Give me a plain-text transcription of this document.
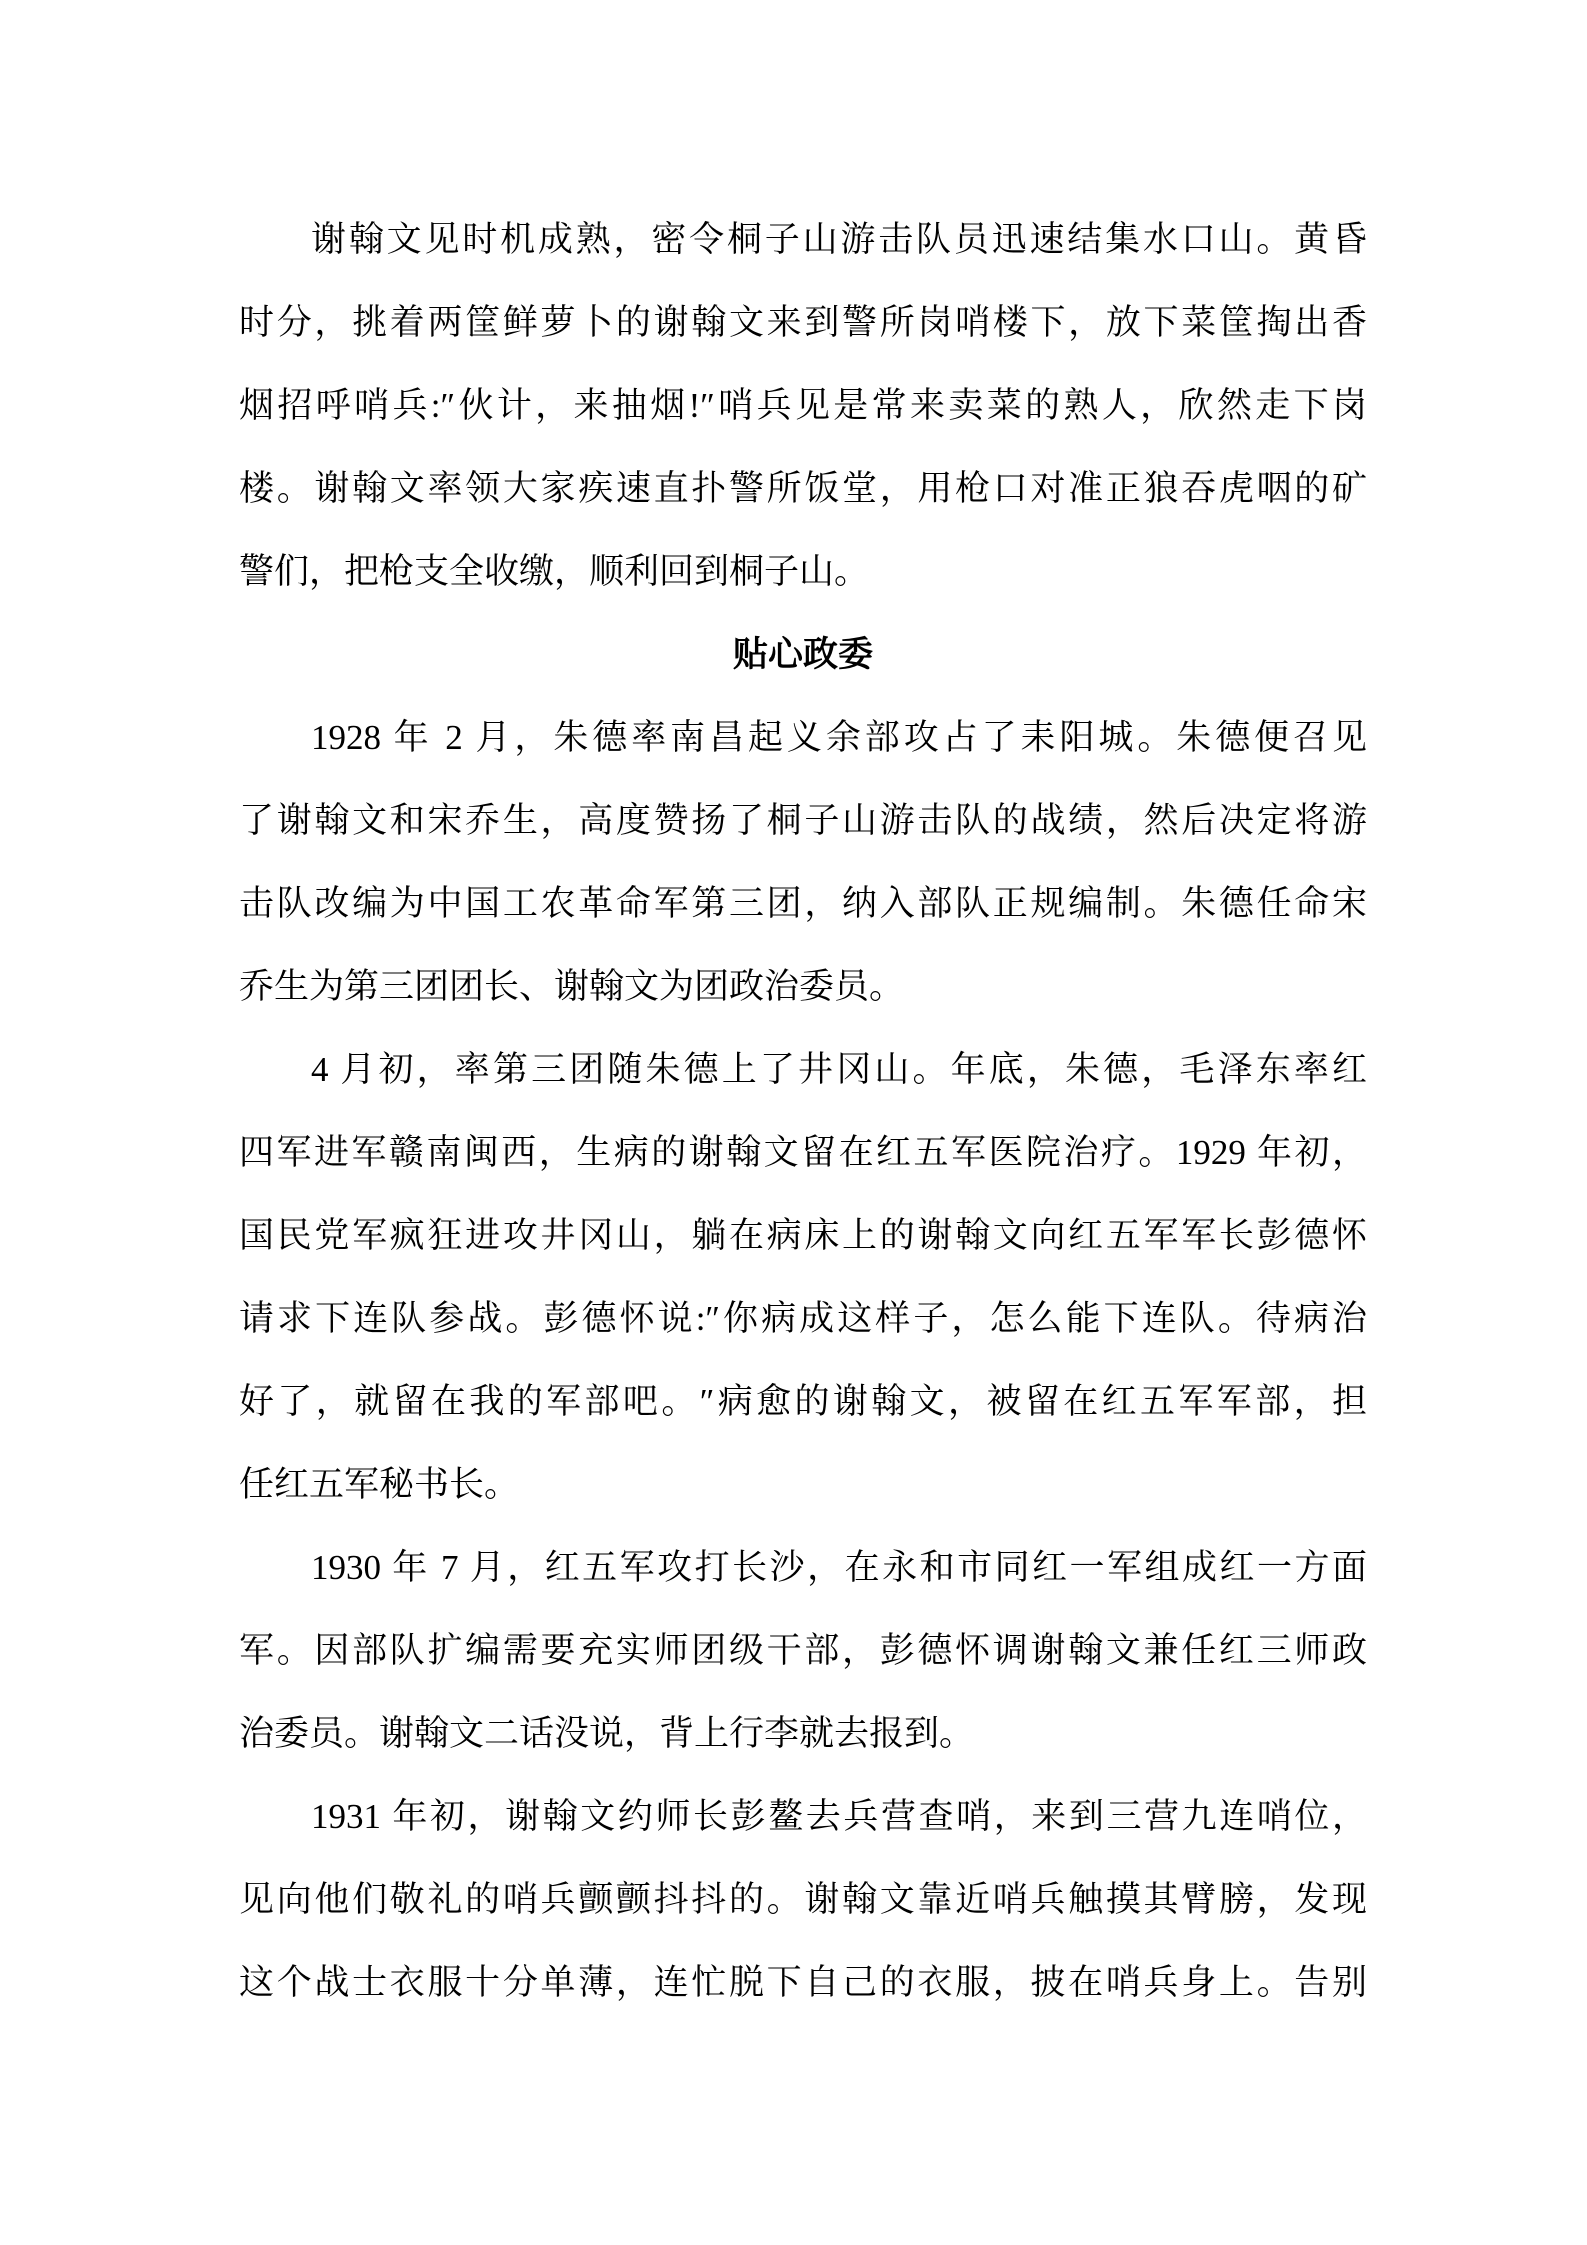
谢翰文见时机成熟，密令桐子山游击队员迅速结集水口山。黄昏
时分，挑着两筐鲜萝卜的谢翰文来到警所岗哨楼下，放下菜筐掏出香
烟招呼哨兵:″伙计，来抽烟!″哨兵见是常来卖菜的熟人，欣然走下岗
楼。谢翰文率领大家疾速直扑警所饭堂，用枪口对准正狼吞虎咽的矿
警们，把枪支全收缴，顺利回到桐子山。
贴心政委
1928 年 2 月，朱德率南昌起义余部攻占了耒阳城。朱德便召见
了谢翰文和宋乔生，高度赞扬了桐子山游击队的战绩，然后决定将游
击队改编为中国工农革命军第三团，纳入部队正规编制。朱德任命宋
乔生为第三团团长、谢翰文为团政治委员。
4 月初，率第三团随朱德上了井冈山。年底，朱德，毛泽东率红
四军进军赣南闽西，生病的谢翰文留在红五军医院治疗。1929 年初，
国民党军疯狂进攻井冈山，躺在病床上的谢翰文向红五军军长彭德怀
请求下连队参战。彭德怀说:″你病成这样子，怎么能下连队。待病治
好了，就留在我的军部吧。″病愈的谢翰文，被留在红五军军部，担
任红五军秘书长。
1930 年 7 月，红五军攻打长沙，在永和市同红一军组成红一方面
军。因部队扩编需要充实师团级干部，彭德怀调谢翰文兼任红三师政
治委员。谢翰文二话没说，背上行李就去报到。
1931 年初，谢翰文约师长彭鳌去兵营查哨，来到三营九连哨位，
见向他们敬礼的哨兵颤颤抖抖的。谢翰文靠近哨兵触摸其臂膀，发现
这个战士衣服十分单薄，连忙脱下自己的衣服，披在哨兵身上。告别
